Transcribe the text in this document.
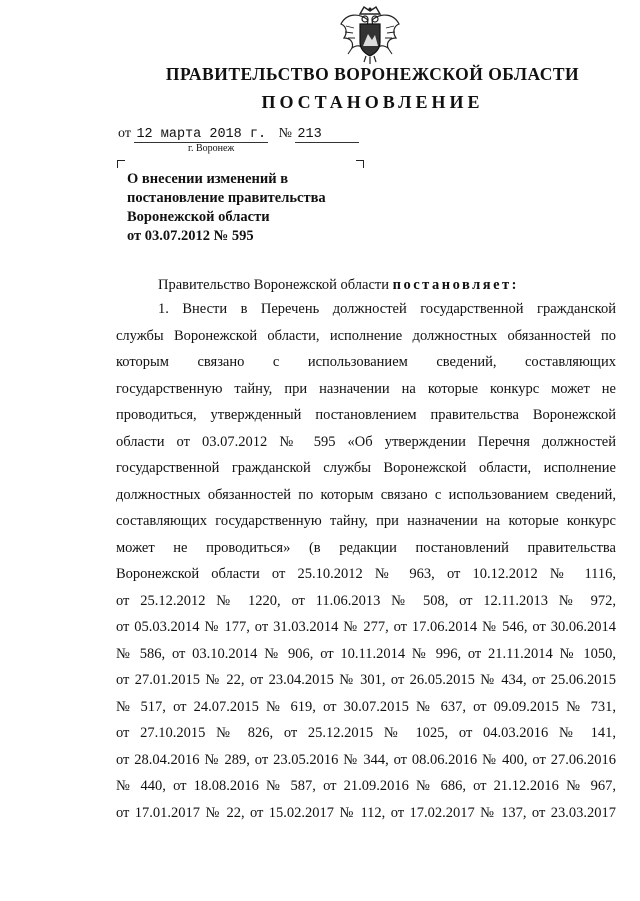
ПРАВИТЕЛЬСТВО ВОРОНЕЖСКОЙ ОБЛАСТИ
ПОСТАНОВЛЕНИЕ
от 12 марта 2018 г. № 213
г. Воронеж
О внесении изменений в
постановление правительства
Воронежской области
от 03.07.2012 № 595
Правительство Воронежской области постановляет:
1. Внести в Перечень должностей государственной гражданской
службы Воронежской области, исполнение должностных обязанностей по
которым связано с использованием сведений, составляющих
государственную тайну, при назначении на которые конкурс может не
проводиться, утвержденный постановлением правительства Воронежской
области от 03.07.2012 № 595 «Об утверждении Перечня должностей
государственной гражданской службы Воронежской области, исполнение
должностных обязанностей по которым связано с использованием сведений,
составляющих государственную тайну, при назначении на которые конкурс
может не проводиться» (в редакции постановлений правительства
Воронежской области от 25.10.2012 № 963, от 10.12.2012 № 1116,
от 25.12.2012 № 1220, от 11.06.2013 № 508, от 12.11.2013 № 972,
от 05.03.2014 № 177, от 31.03.2014 № 277, от 17.06.2014 № 546, от 30.06.2014
№ 586, от 03.10.2014 № 906, от 10.11.2014 № 996, от 21.11.2014 № 1050,
от 27.01.2015 № 22, от 23.04.2015 № 301, от 26.05.2015 № 434, от 25.06.2015
№ 517, от 24.07.2015 № 619, от 30.07.2015 № 637, от 09.09.2015 № 731,
от 27.10.2015 № 826, от 25.12.2015 № 1025, от 04.03.2016 № 141,
от 28.04.2016 № 289, от 23.05.2016 № 344, от 08.06.2016 № 400, от 27.06.2016
№ 440, от 18.08.2016 № 587, от 21.09.2016 № 686, от 21.12.2016 № 967,
от 17.01.2017 № 22, от 15.02.2017 № 112, от 17.02.2017 № 137, от 23.03.2017
